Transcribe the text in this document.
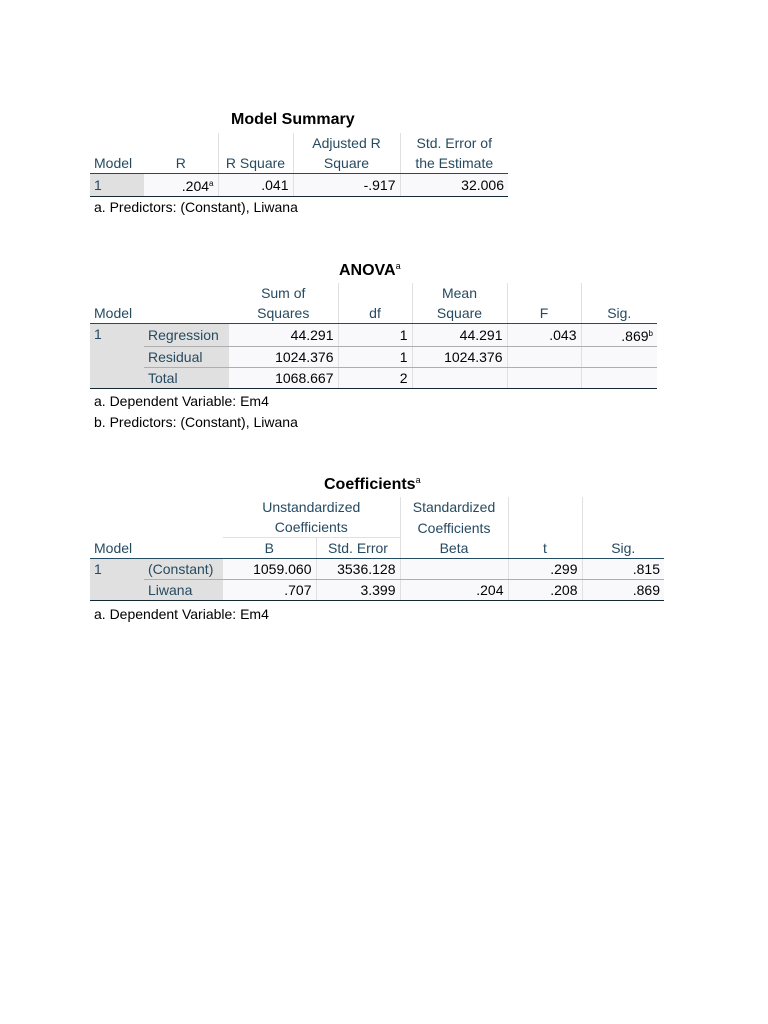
Model Summary
			Adjusted R	Std. Error of
Model	R	R Square	Square	the Estimate
1	.204$^a$	.041	-.917	32.006
a. Predictors: (Constant), Liwana
ANOVA$^a$
		Sum of		Mean		
Model		Squares	df	Square	F	Sig.
1	Regression	44.291	1	44.291	.043	.869$^b$
	Residual	1024.376	1	1024.376		
	Total	1068.667	2			
a. Dependent Variable: Em4
b. Predictors: (Constant), Liwana
Coefficients$^a$
		Unstandardized		Standardized		
		Coefficients		Coefficients		
Model		B	Std. Error	Beta	t	Sig.
1	(Constant)	1059.060	3536.128		.299	.815
	Liwana	.707	3.399	.204	.208	.869
a. Dependent Variable: Em4
